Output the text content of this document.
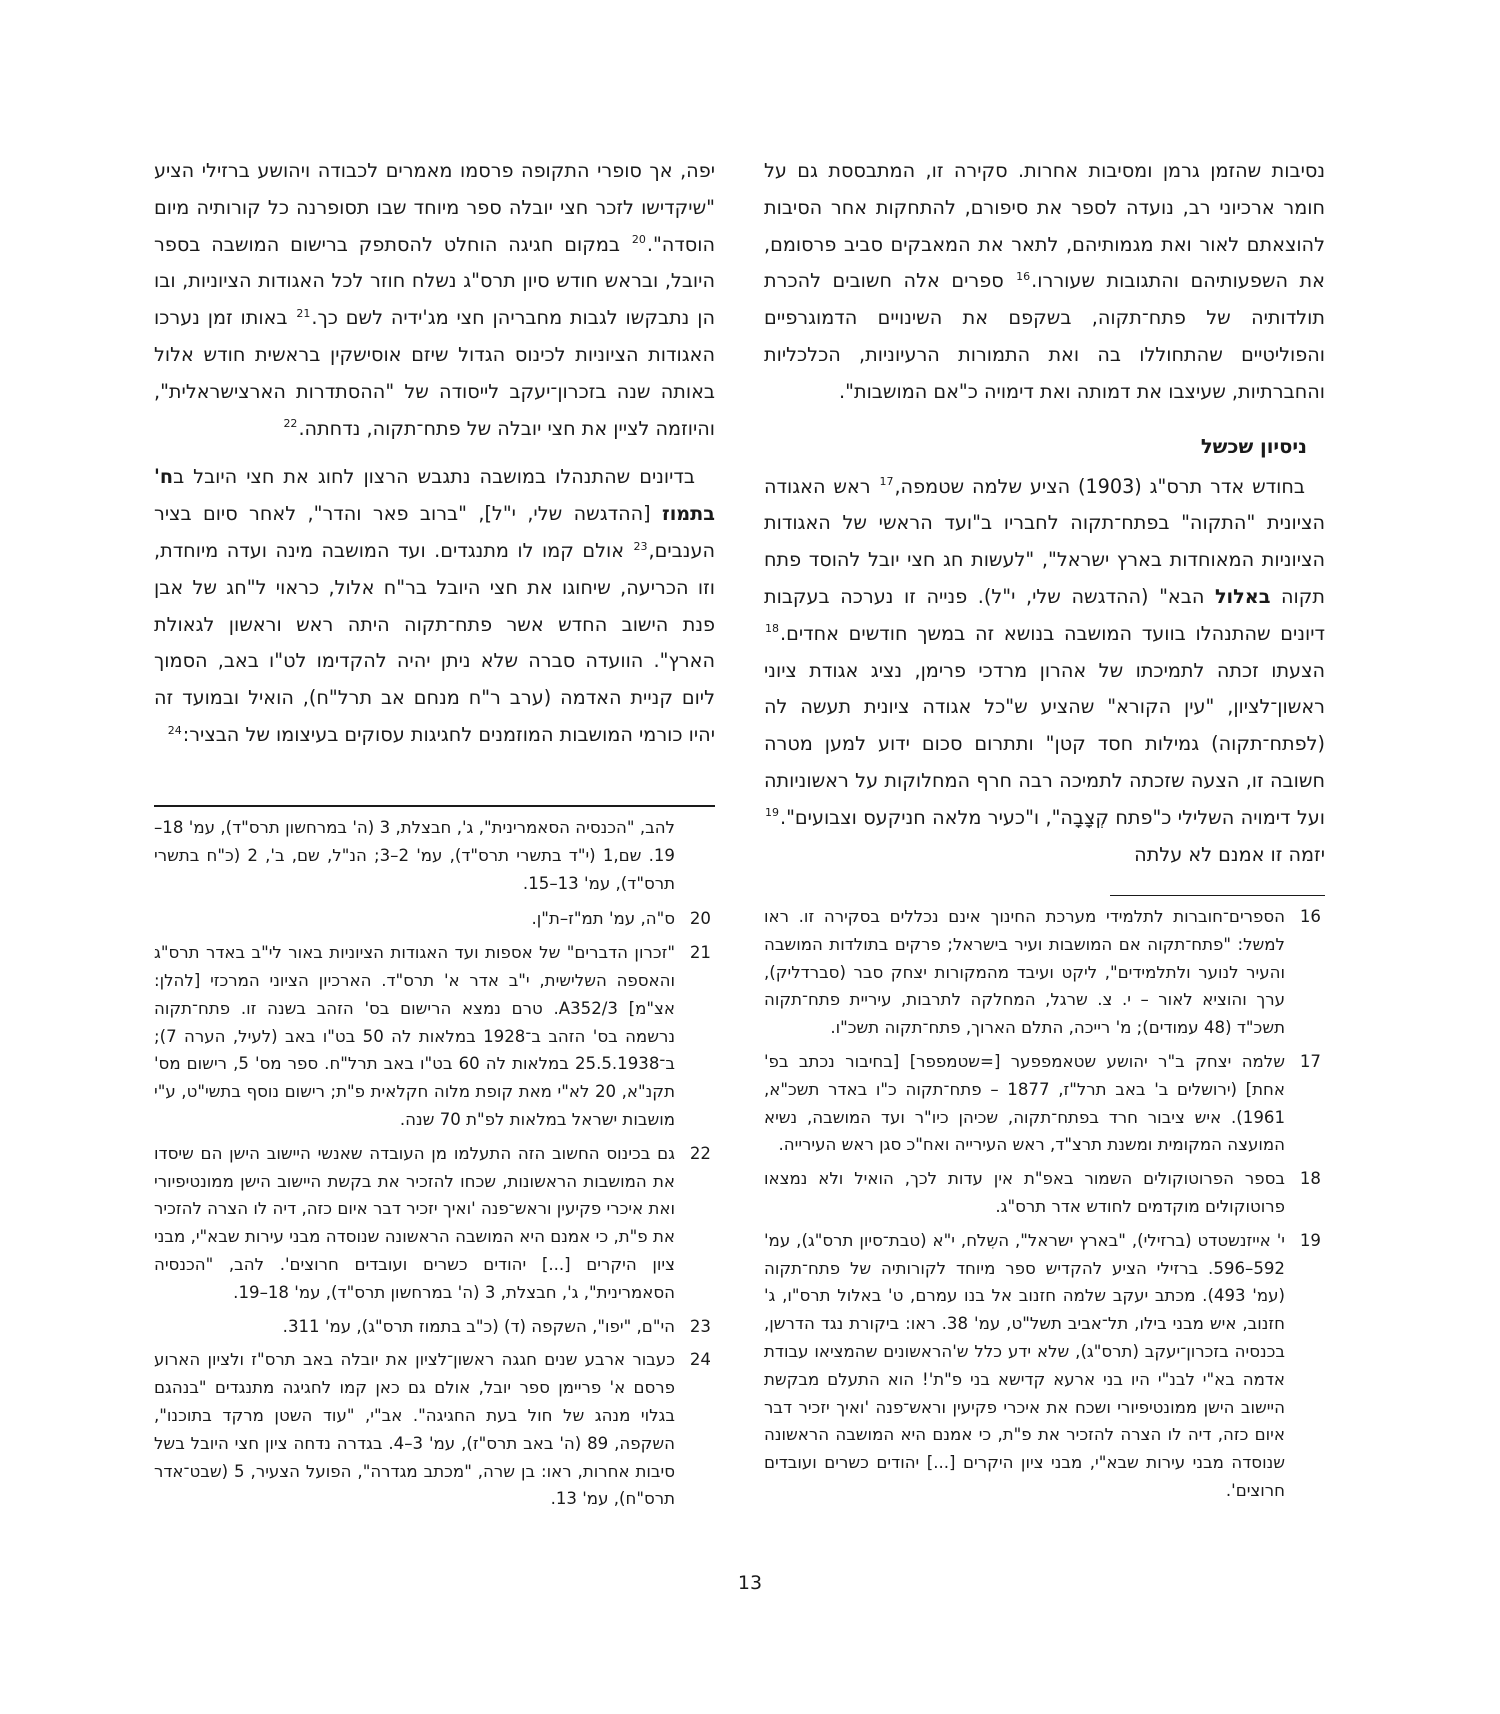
נסיבות שהזמן גרמן ומסיבות אחרות. סקירה זו, המתבססת גם על חומר ארכיוני רב, נועדה לספר את סיפורם, להתחקות אחר הסיבות להוצאתם לאור ואת מגמותיהם, לתאר את המאבקים סביב פרסומם, את השפעותיהם והתגובות שעוררו.$^{16}$ ספרים אלה חשובים להכרת תולדותיה של פתח־תקוה, בשקפם את השינויים הדמוגרפיים והפוליטיים שהתחוללו בה ואת התמורות הרעיוניות, הכלכליות והחברתיות, שעיצבו את דמותה ואת דימויה כ"אם המושבות".

ניסיון שכשל

בחודש אדר תרס"ג (1903) הציע שלמה שטמפה,$^{17}$ ראש האגודה הציונית "התקוה" בפתח־תקוה לחבריו ב"ועד הראשי של האגודות הציוניות המאוחדות בארץ ישראל", "לעשות חג חצי יובל להוסד פתח תקוה באלול הבא" (ההדגשה שלי, י"ל). פנייה זו נערכה בעקבות דיונים שהתנהלו בוועד המושבה בנושא זה במשך חודשים אחדים.$^{18}$ הצעתו זכתה לתמיכתו של אהרון מרדכי פרימן, נציג אגודת ציוני ראשון־לציון, "עין הקורא" שהציע ש"כל אגודה ציונית תעשה לה (לפתח־תקוה) גמילות חסד קטן" ותתרום סכום ידוע למען מטרה חשובה זו, הצעה שזכתה לתמיכה רבה חרף המחלוקות על ראשוניותה ועל דימויה השלילי כ"פתח קְצָבָה", ו"כעיר מלאה חניקעס וצבועים".$^{19}$ יזמה זו אמנם לא עלתה

יפה, אך סופרי התקופה פרסמו מאמרים לכבודה ויהושע ברזילי הציע "שיקדישו לזכר חצי יובלה ספר מיוחד שבו תסופרנה כל קורותיה מיום הוסדה".$^{20}$ במקום חגיגה הוחלט להסתפק ברישום המושבה בספר היובל, ובראש חודש סיון תרס"ג נשלח חוזר לכל האגודות הציוניות, ובו הן נתבקשו לגבות מחבריהן חצי מג'ידיה לשם כך.$^{21}$ באותו זמן נערכו האגודות הציוניות לכינוס הגדול שיזם אוסישקין בראשית חודש אלול באותה שנה בזכרון־יעקב לייסודה של "ההסתדרות הארצישראלית", והיוזמה לציין את חצי יובלה של פתח־תקוה, נדחתה.$^{22}$

בדיונים שהתנהלו במושבה נתגבש הרצון לחוג את חצי היובל בח' בתמוז [ההדגשה שלי, י"ל], "ברוב פאר והדר", לאחר סיום בציר הענבים,$^{23}$ אולם קמו לו מתנגדים. ועד המושבה מינה ועדה מיוחדת, וזו הכריעה, שיחוגו את חצי היובל בר"ח אלול, כראוי ל"חג של אבן פנת הישוב החדש אשר פתח־תקוה היתה ראש וראשון לגאולת הארץ". הוועדה סברה שלא ניתן יהיה להקדימו לט"ו באב, הסמוך ליום קניית האדמה (ערב ר"ח מנחם אב תרל"ח), הואיל ובמועד זה יהיו כורמי המושבות המוזמנים לחגיגות עסוקים בעיצומו של הבציר:$^{24}$

16
הספרים־חוברות לתלמידי מערכת החינוך אינם נכללים בסקירה זו. ראו למשל: "פתח־תקוה אם המושבות ועיר בישראל; פרקים בתולדות המושבה והעיר לנוער ולתלמידים", ליקט ועיבד מהמקורות יצחק סבר (סברדליק), ערך והוציא לאור – י. צ. שרגל, המחלקה לתרבות, עיריית פתח־תקוה תשכ"ד (48 עמודים); מ' רייכה, התלם הארוך, פתח־תקוה תשכ"ו.
17
שלמה יצחק ב"ר יהושע שטאמפפער [=שטמפפר] [בחיבור נכתב בפ' אחת] (ירושלים ב' באב תרל"ז, 1877 – פתח־תקוה כ"ו באדר תשכ"א, 1961). איש ציבור חרד בפתח־תקוה, שכיהן כיו"ר ועד המושבה, נשיא המועצה המקומית ומשנת תרצ"ד, ראש העירייה ואח"כ סגן ראש העירייה.
18
בספר הפרוטוקולים השמור באפ"ת אין עדות לכך, הואיל ולא נמצאו פרוטוקולים מוקדמים לחודש אדר תרס"ג.
19
י' אייזנשטדט (ברזילי), "בארץ ישראל", השִלֹח, י"א (טבת־סיון תרס"ג), עמ' 592–596. ברזילי הציע להקדיש ספר מיוחד לקורותיה של פתח־תקוה (עמ' 493). מכתב יעקב שלמה חזנוב אל בנו עמרם, ט' באלול תרס"ו, ג' חזנוב, איש מבני בילו, תל־אביב תשל"ט, עמ' 38. ראו: ביקורת נגד הדרשן, בכנסיה בזכרון־יעקב (תרס"ג), שלא ידע כלל ש'הראשונים שהמציאו עבודת אדמה בא"י לבנ"י היו בני ארעא קדישא בני פ"ת'! הוא התעלם מבקשת היישוב הישן ממונטיפיורי ושכח את איכרי פקיעין וראש־פנה 'ואיך יזכיר דבר איום כזה, דיה לו הצרה להזכיר את פ"ת, כי אמנם היא המושבה הראשונה שנוסדה מבני עירות שבא"י, מבני ציון היקרים [...] יהודים כשרים ועובדים חרוצים'.
להב, "הכנסיה הסאמרינית", ג', חבצלת, 3 (ה' במרחשון תרס"ד), עמ' 18–19. שם,1 (י"ד בתשרי תרס"ד), עמ' 2–3; הנ"ל, שם, ב', 2 (כ"ח בתשרי תרס"ד), עמ' 13–15.
20
ס"ה, עמ' תמ"ז–ת"ן.
21
"זכרון הדברים" של אספות ועד האגודות הציוניות באור לי"ב באדר תרס"ג והאספה השלישית, י"ב אדר א' תרס"ד. הארכיון הציוני המרכזי [להלן: אצ"מ] A352/3. טרם נמצא הרישום בס' הזהב בשנה זו. פתח־תקוה נרשמה בס' הזהב ב־1928 במלאות לה 50 בט"ו באב (לעיל, הערה 7); ב־25.5.1938 במלאות לה 60 בט"ו באב תרל"ח. ספר מס' 5, רישום מס' תקנ"א, 20 לא"י מאת קופת מלוה חקלאית פ"ת; רישום נוסף בתשי"ט, ע"י מושבות ישראל במלאות לפ"ת 70 שנה.
22
גם בכינוס החשוב הזה התעלמו מן העובדה שאנשי היישוב הישן הם שיסדו את המושבות הראשונות, שכחו להזכיר את בקשת היישוב הישן ממונטיפיורי ואת איכרי פקיעין וראש־פנה 'ואיך יזכיר דבר איום כזה, דיה לו הצרה להזכיר את פ"ת, כי אמנם היא המושבה הראשונה שנוסדה מבני עירות שבא"י, מבני ציון היקרים [...] יהודים כשרים ועובדים חרוצים'. להב, "הכנסיה הסאמרינית", ג', חבצלת, 3 (ה' במרחשון תרס"ד), עמ' 18–19.
23
הי"ם, "יפו", השקפה (ד) (כ"ב בתמוז תרס"ג), עמ' 311.
24
כעבור ארבע שנים חגגה ראשון־לציון את יובלה באב תרס"ז ולציון הארוע פרסם א' פריימן ספר יובל, אולם גם כאן קמו לחגיגה מתנגדים "בנהגם בגלוי מנהג של חול בעת החגיגה". אב"י, "עוד השטן מרקד בתוכנו", השקפה, 89 (ה' באב תרס"ז), עמ' 3–4. בגדרה נדחה ציון חצי היובל בשל סיבות אחרות, ראו: בן שרה, "מכתב מגדרה", הפועל הצעיר, 5 (שבט־אדר תרס"ח), עמ' 13.
13
